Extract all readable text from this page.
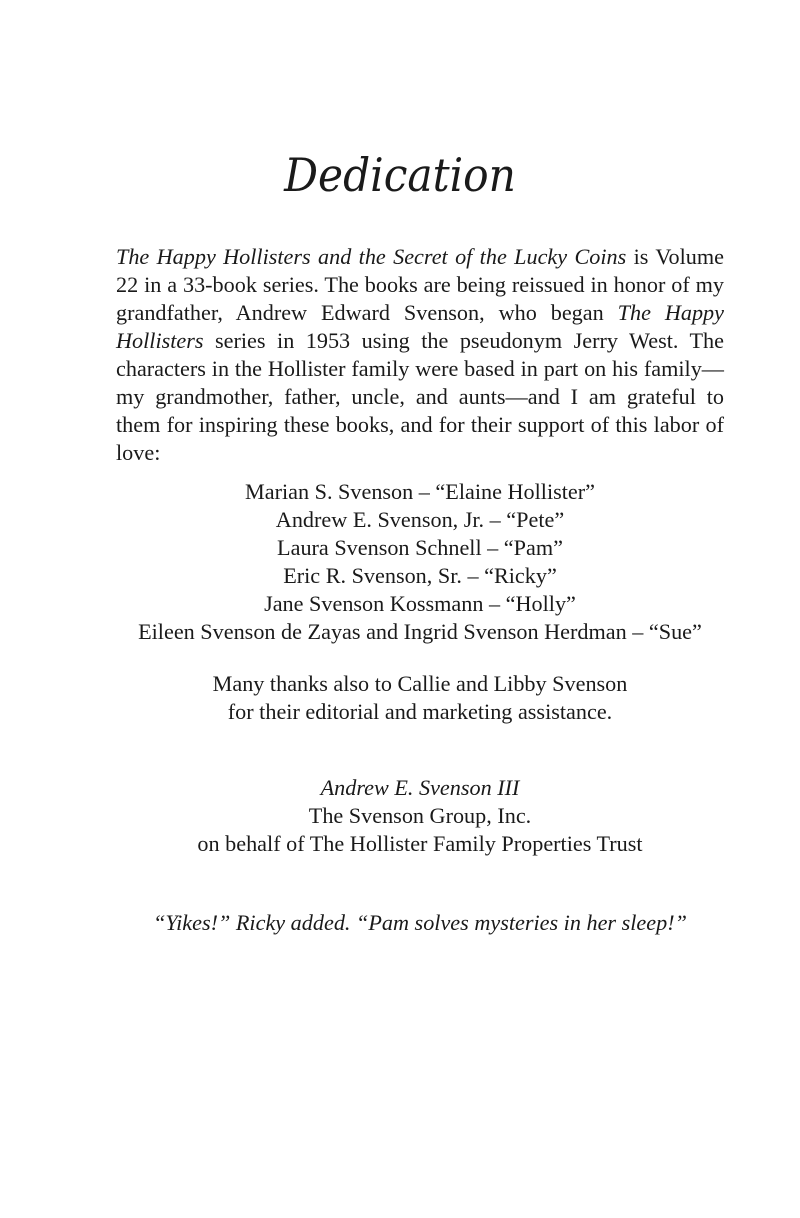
Dedication

The Happy Hollisters and the Secret of the Lucky Coins is Volume 22 in a 33-book series. The books are being reissued in honor of my grandfather, Andrew Edward Svenson, who began The Happy Hollisters series in 1953 using the pseudonym Jerry West. The characters in the Hollister family were based in part on his family—my grandmother, father, uncle, and aunts—and I am grateful to them for inspiring these books, and for their support of this labor of love:

Marian S. Svenson – “Elaine Hollister”
Andrew E. Svenson, Jr. – “Pete”
Laura Svenson Schnell – “Pam”
Eric R. Svenson, Sr. – “Ricky”
Jane Svenson Kossmann – “Holly”
Eileen Svenson de Zayas and Ingrid Svenson Herdman – “Sue”
Many thanks also to Callie and Libby Svenson
for their editorial and marketing assistance.
Andrew E. Svenson III
The Svenson Group, Inc.
on behalf of The Hollister Family Properties Trust
“Yikes!” Ricky added. “Pam solves mysteries in her sleep!”
